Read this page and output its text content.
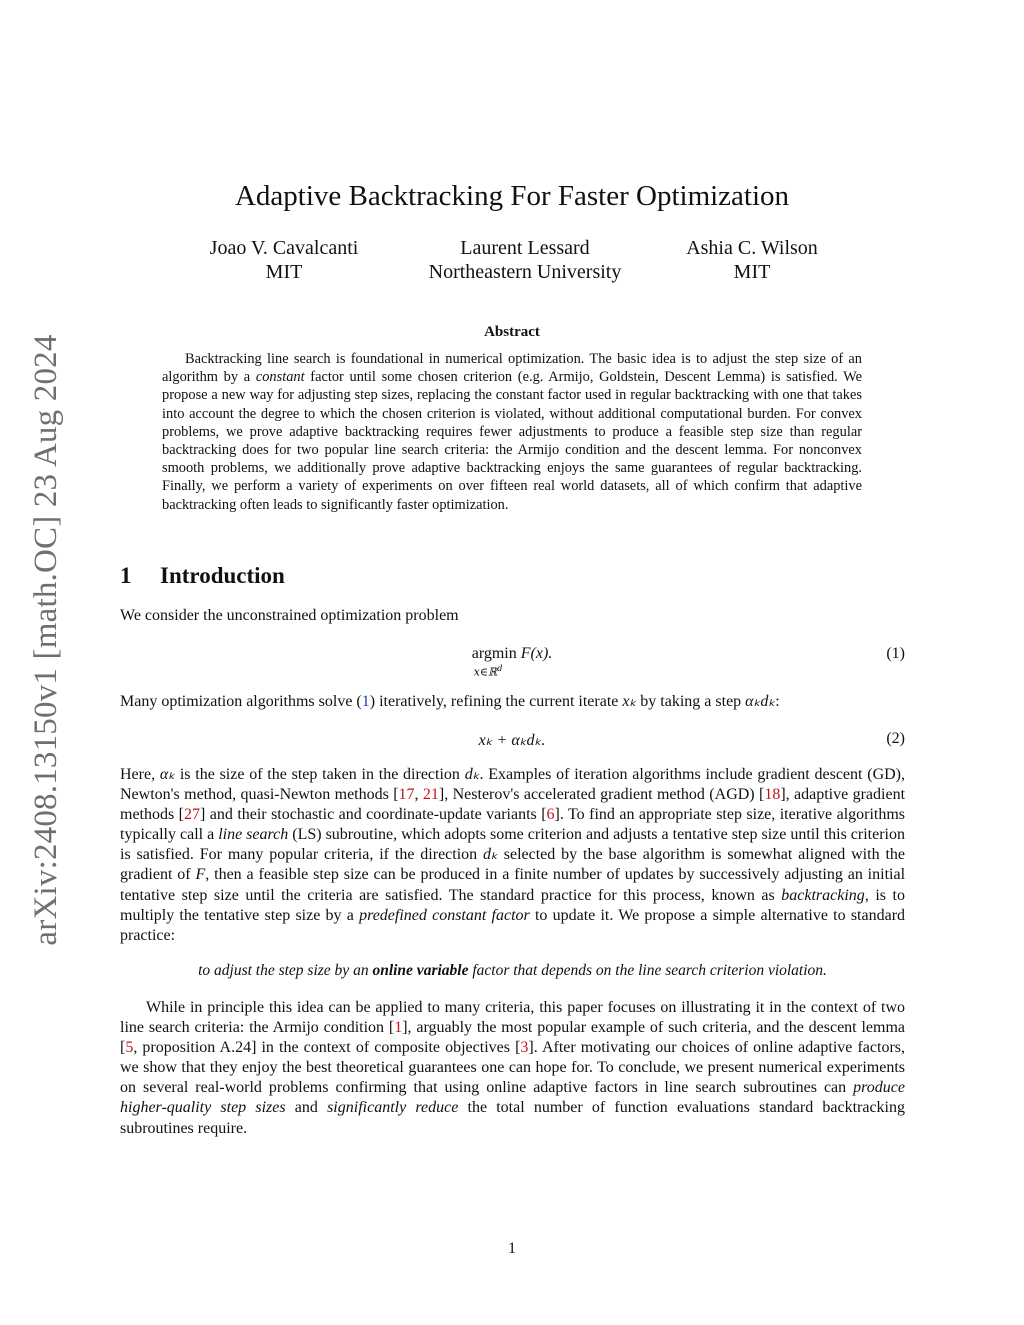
arXiv:2408.13150v1 [math.OC] 23 Aug 2024
Adaptive Backtracking For Faster Optimization
Joao V. Cavalcanti
MIT
Laurent Lessard
Northeastern University
Ashia C. Wilson
MIT
Abstract

Backtracking line search is foundational in numerical optimization. The basic idea is to adjust the step size of an algorithm by a constant factor until some chosen criterion (e.g. Armijo, Goldstein, Descent Lemma) is satisfied. We propose a new way for adjusting step sizes, replacing the constant factor used in regular backtracking with one that takes into account the degree to which the chosen criterion is violated, without additional computational burden. For convex problems, we prove adaptive backtracking requires fewer adjustments to produce a feasible step size than regular backtracking does for two popular line search criteria: the Armijo condition and the descent lemma. For nonconvex smooth problems, we additionally prove adaptive backtracking enjoys the same guarantees of regular backtracking. Finally, we perform a variety of experiments on over fifteen real world datasets, all of which confirm that adaptive backtracking often leads to significantly faster optimization.

1 Introduction

We consider the unconstrained optimization problem

argmin F(x).
x∈ℝ$^d$
(1)

Many optimization algorithms solve (1) iteratively, refining the current iterate xₖ by taking a step αₖdₖ:

xₖ + αₖdₖ.	(2)

Here, αₖ is the size of the step taken in the direction dₖ. Examples of iteration algorithms include gradient descent (GD), Newton's method, quasi-Newton methods [17, 21], Nesterov's accelerated gradient method (AGD) [18], adaptive gradient methods [27] and their stochastic and coordinate-update variants [6]. To find an appropriate step size, iterative algorithms typically call a line search (LS) subroutine, which adopts some criterion and adjusts a tentative step size until this criterion is satisfied. For many popular criteria, if the direction dₖ selected by the base algorithm is somewhat aligned with the gradient of F, then a feasible step size can be produced in a finite number of updates by successively adjusting an initial tentative step size until the criteria are satisfied. The standard practice for this process, known as backtracking, is to multiply the tentative step size by a predefined constant factor to update it. We propose a simple alternative to standard practice:

to adjust the step size by an online variable factor that depends on the line search criterion violation.

While in principle this idea can be applied to many criteria, this paper focuses on illustrating it in the context of two line search criteria: the Armijo condition [1], arguably the most popular example of such criteria, and the descent lemma [5, proposition A.24] in the context of composite objectives [3]. After motivating our choices of online adaptive factors, we show that they enjoy the best theoretical guarantees one can hope for. To conclude, we present numerical experiments on several real-world problems confirming that using online adaptive factors in line search subroutines can produce higher-quality step sizes and significantly reduce the total number of function evaluations standard backtracking subroutines require.

1
